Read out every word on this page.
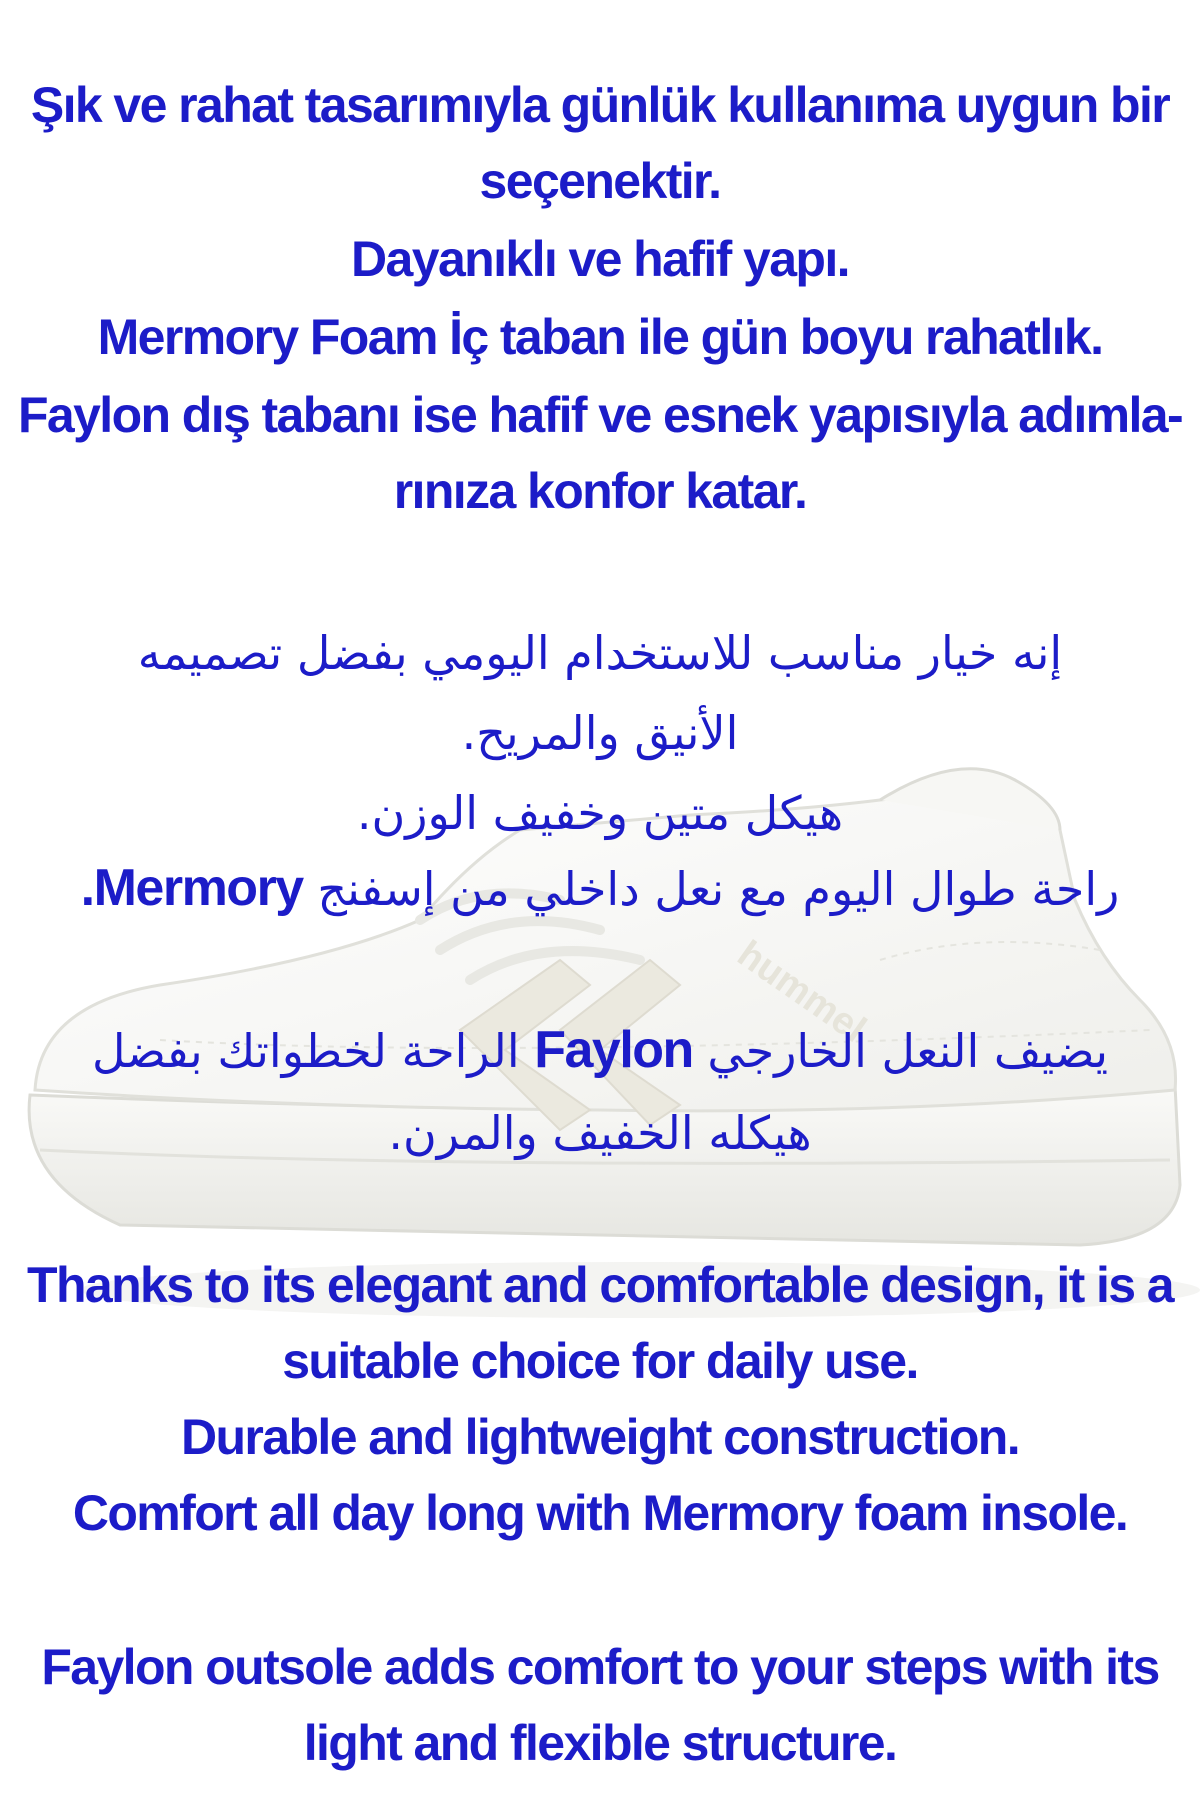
hummel
Şık ve rahat tasarımıyla günlük kullanıma uygun bir
seçenektir.
Dayanıklı ve hafif yapı.
Mermory Foam İç taban ile gün boyu rahatlık.
Faylon dış tabanı ise hafif ve esnek yapısıyla adımla-
rınıza konfor katar.
إنه خيار مناسب للاستخدام اليومي بفضل تصميمه
الأنيق والمريح.
هيكل متين وخفيف الوزن.
راحة طوال اليوم مع نعل داخلي من إسفنج Mermory.
يضيف النعل الخارجي Faylon الراحة لخطواتك بفضل
هيكله الخفيف والمرن.
Thanks to its elegant and comfortable design, it is a
suitable choice for daily use.
Durable and lightweight construction.
Comfort all day long with Mermory foam insole.
Faylon outsole adds comfort to your steps with its
light and flexible structure.
